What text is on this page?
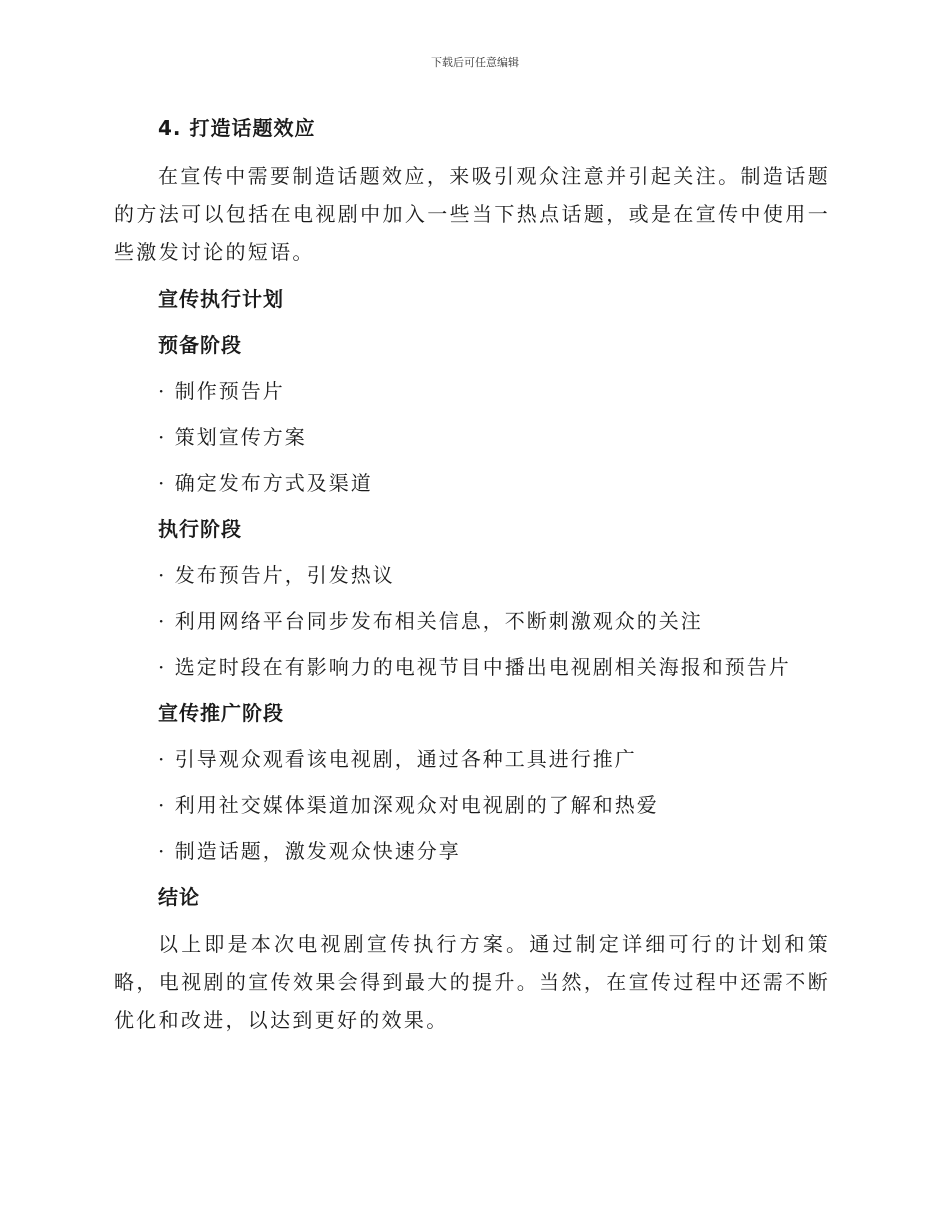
下载后可任意编辑
4. 打造话题效应

在宣传中需要制造话题效应，来吸引观众注意并引起关注。制造话题的方法可以包括在电视剧中加入一些当下热点话题，或是在宣传中使用一些激发讨论的短语。

宣传执行计划
预备阶段

· 制作预告片

· 策划宣传方案

· 确定发布方式及渠道

执行阶段

· 发布预告片，引发热议

· 利用网络平台同步发布相关信息，不断刺激观众的关注

· 选定时段在有影响力的电视节目中播出电视剧相关海报和预告片

宣传推广阶段

· 引导观众观看该电视剧，通过各种工具进行推广

· 利用社交媒体渠道加深观众对电视剧的了解和热爱

· 制造话题，激发观众快速分享

结论

以上即是本次电视剧宣传执行方案。通过制定详细可行的计划和策略，电视剧的宣传效果会得到最大的提升。当然，在宣传过程中还需不断优化和改进，以达到更好的效果。
